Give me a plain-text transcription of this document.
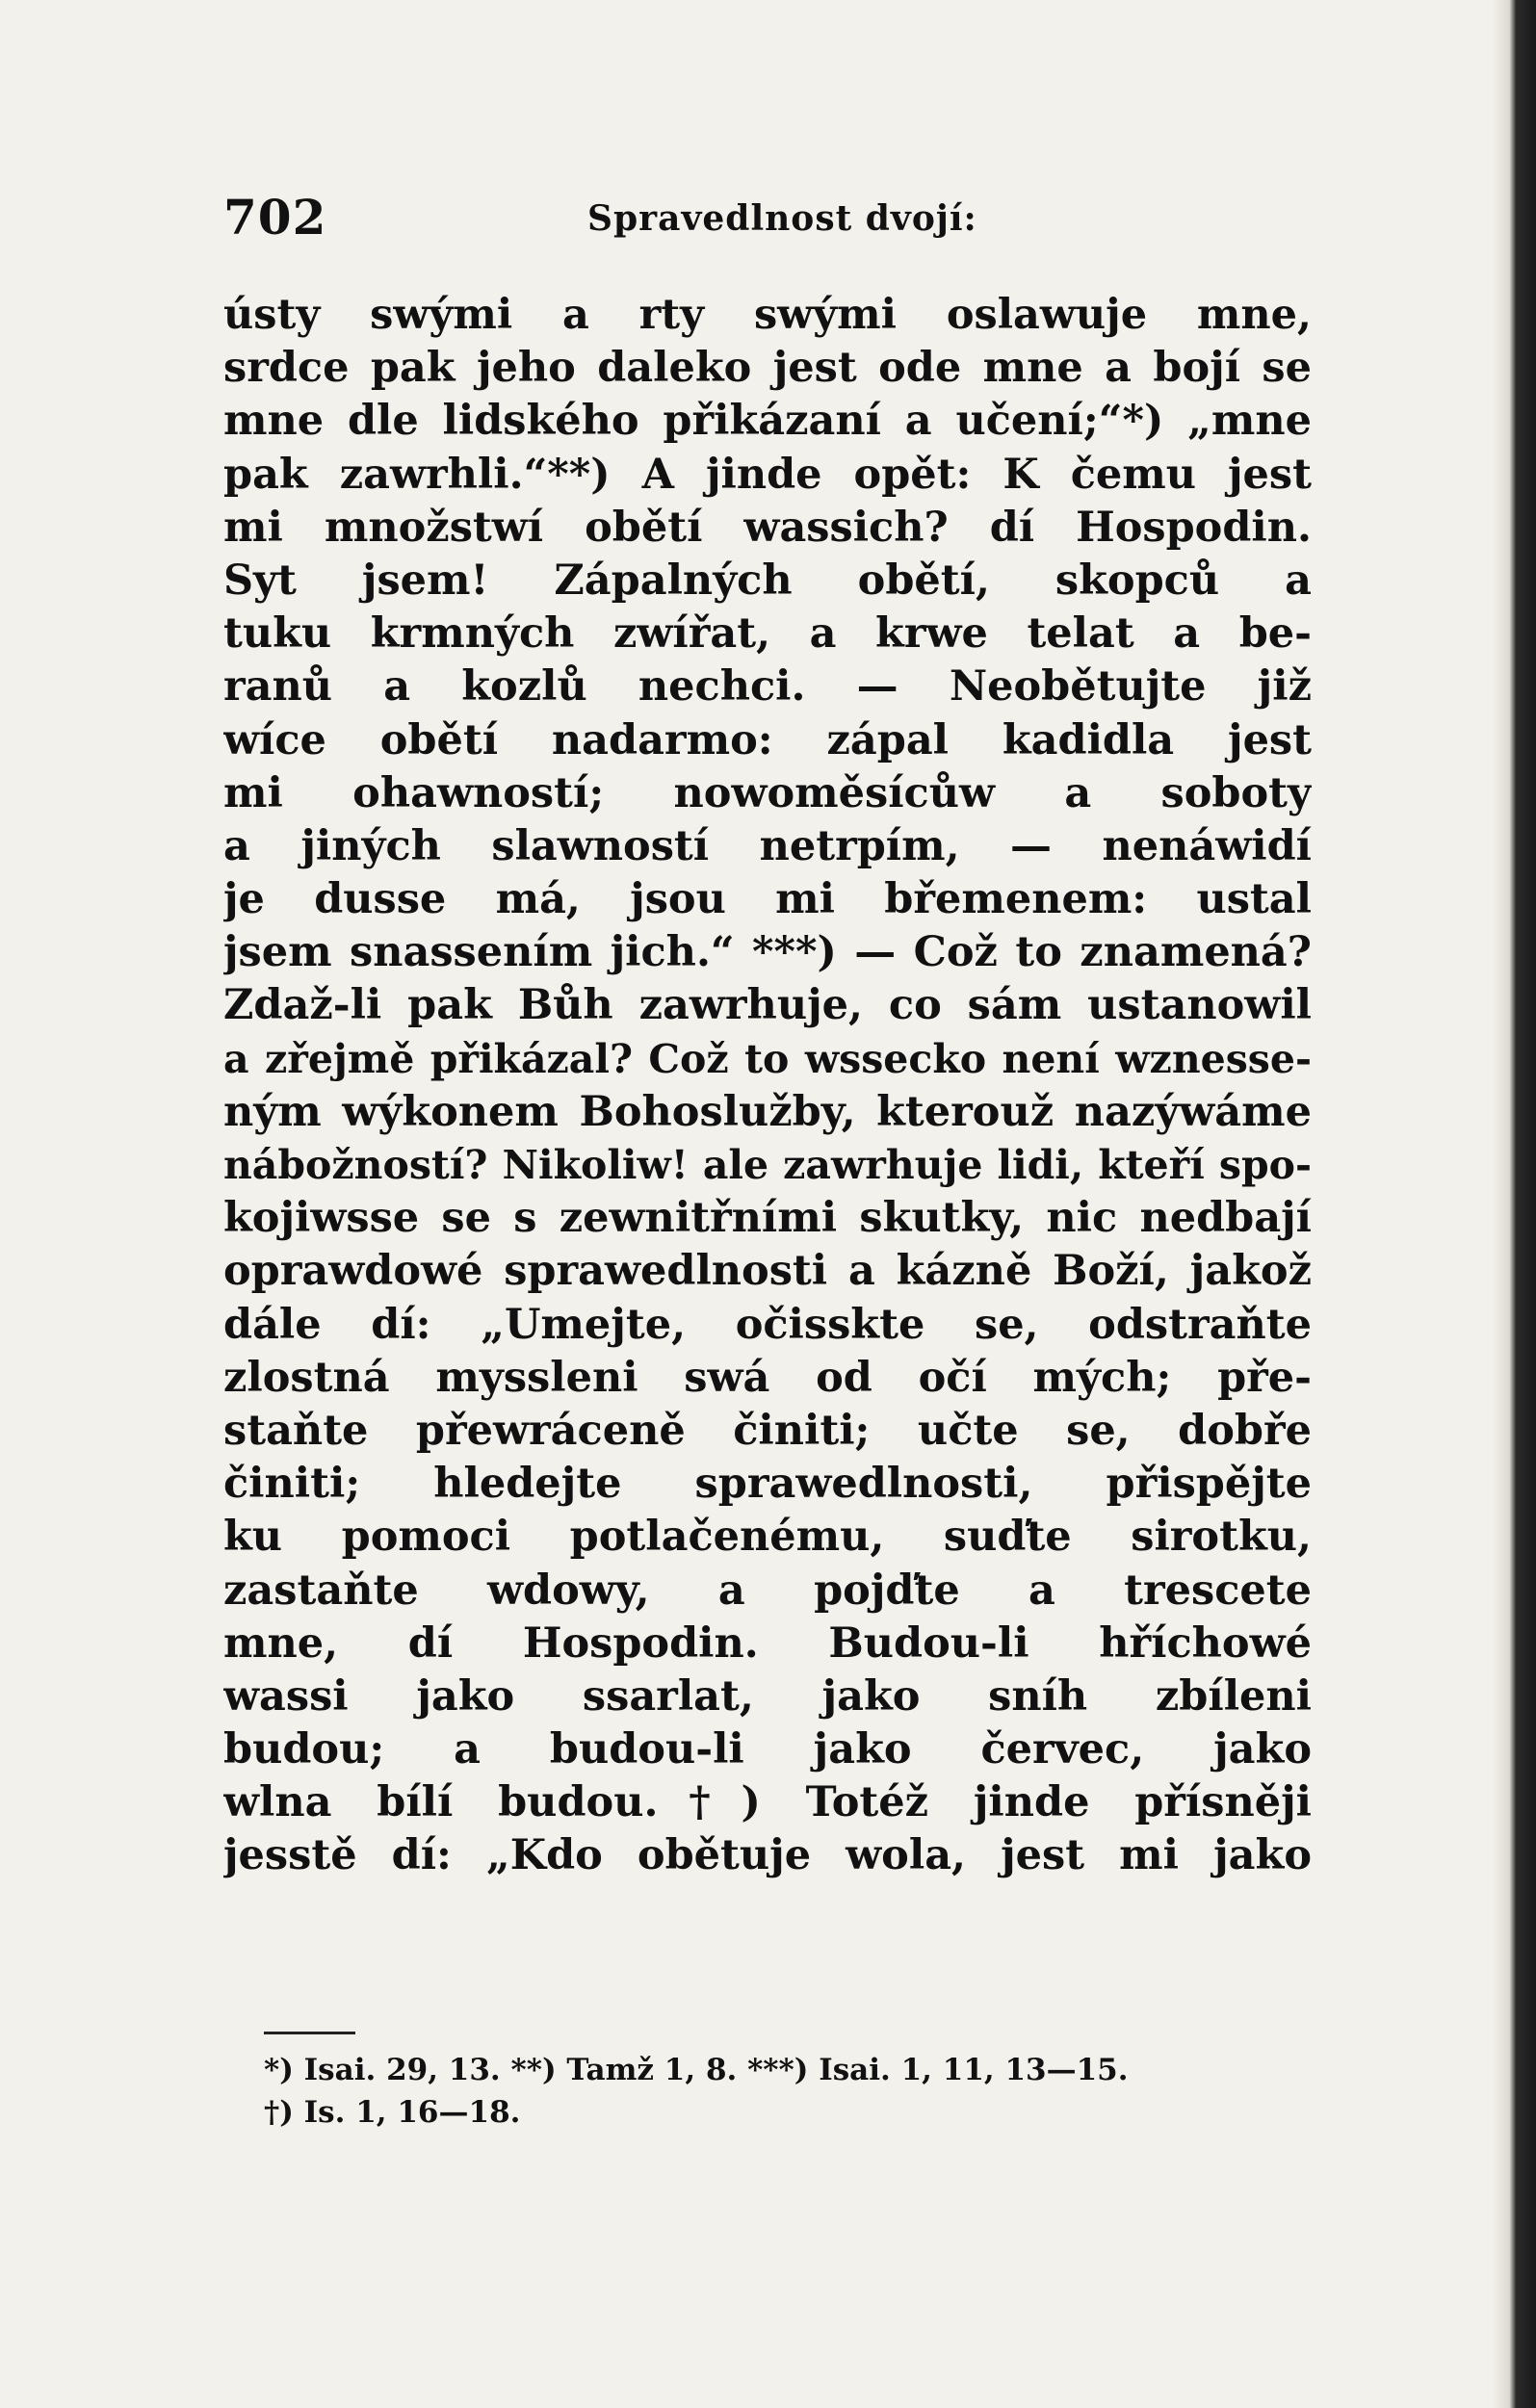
702	Spravedlnost dvojí:
ústy swými a rty swými oslawuje mne,
srdce pak jeho daleko jest ode mne a bojí se
mne dle lidského přikázaní a učení;“*) „mne
pak zawrhli.“**) A jinde opět: K čemu jest
mi množstwí obětí wassich? dí Hospodin.
Syt jsem! Zápalných obětí, skopců a
tuku krmných zwířat, a krwe telat a be-
ranů a kozlů nechci. — Neobětujte již
wíce obětí nadarmo: zápal kadidla jest
mi ohawností; nowoměsícůw a soboty
a jiných slawností netrpím, — nenáwidí
je dusse má, jsou mi břemenem: ustal
jsem snassením jich.“ ***) — Což to znamená?
Zdaž-li pak Bůh zawrhuje, co sám ustanowil
a zřejmě přikázal? Což to wssecko není wznesse-
ným wýkonem Bohoslužby, kterouž nazýwáme
nábožností? Nikoliw! ale zawrhuje lidi, kteří spo-
kojiwsse se s zewnitřními skutky, nic nedbají
oprawdowé sprawedlnosti a kázně Boží, jakož
dále dí: „Umejte, očisskte se, odstraňte
zlostná myssleni swá od očí mých; pře-
staňte přewráceně činiti; učte se, dobře
činiti; hledejte sprawedlnosti, přispějte
ku pomoci potlačenému, suďte sirotku,
zastaňte wdowy, a pojďte a trescete
mne, dí Hospodin. Budou-li hříchowé
wassi jako ssarlat, jako sníh zbíleni
budou; a budou-li jako červec, jako
wlna bílí budou.†) Totéž jinde přísněji
jesstě dí: „Kdo obětuje wola, jest mi jako
*) Isai. 29, 13. **) Tamž 1, 8. ***) Isai. 1, 11, 13—15.
†) Is. 1, 16—18.
